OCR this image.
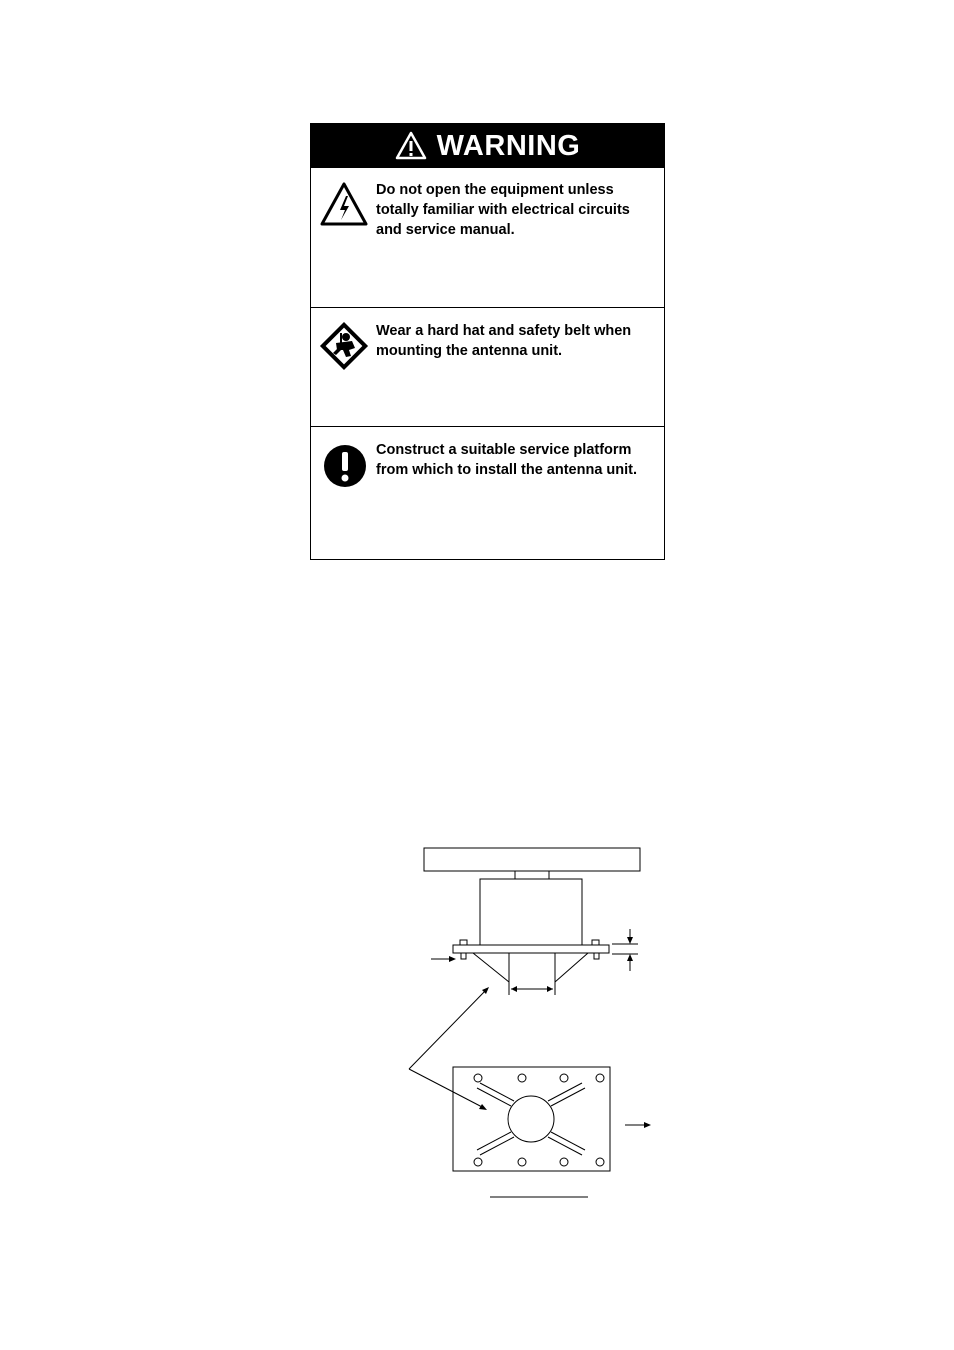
WARNING
Do not open the equipment unless totally familiar with electrical circuits and service manual.
Wear a hard hat and safety belt when mounting the antenna unit.
Construct a suitable service platform from which to install the antenna unit.
